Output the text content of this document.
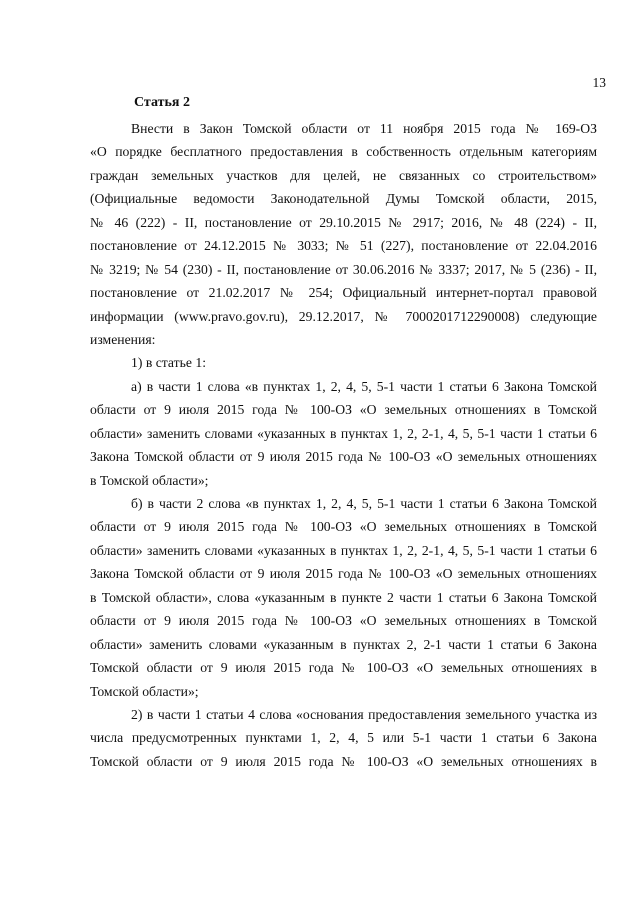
13
Статья 2
Внести в Закон Томской области от 11 ноября 2015 года № 169-ОЗ
«О порядке бесплатного предоставления в собственность отдельным категориям
граждан земельных участков для целей, не связанных со строительством»
(Официальные ведомости Законодательной Думы Томской области, 2015,
№ 46 (222) - II, постановление от 29.10.2015 № 2917; 2016, № 48 (224) - II,
постановление от 24.12.2015 № 3033; № 51 (227), постановление от 22.04.2016
№ 3219; № 54 (230) - II, постановление от 30.06.2016 № 3337; 2017, № 5 (236) - II,
постановление от 21.02.2017 № 254; Официальный интернет-портал правовой
информации (www.pravo.gov.ru), 29.12.2017, № 7000201712290008) следующие
изменения:
1) в статье 1:
а) в части 1 слова «в пунктах 1, 2, 4, 5, 5-1 части 1 статьи 6 Закона Томской
области от 9 июля 2015 года № 100-ОЗ «О земельных отношениях в Томской
области» заменить словами «указанных в пунктах 1, 2, 2-1, 4, 5, 5-1 части 1 статьи 6
Закона Томской области от 9 июля 2015 года № 100-ОЗ «О земельных отношениях
в Томской области»;
б) в части 2 слова «в пунктах 1, 2, 4, 5, 5-1 части 1 статьи 6 Закона Томской
области от 9 июля 2015 года № 100-ОЗ «О земельных отношениях в Томской
области» заменить словами «указанных в пунктах 1, 2, 2-1, 4, 5, 5-1 части 1 статьи 6
Закона Томской области от 9 июля 2015 года № 100-ОЗ «О земельных отношениях
в Томской области», слова «указанным в пункте 2 части 1 статьи 6 Закона Томской
области от 9 июля 2015 года № 100-ОЗ «О земельных отношениях в Томской
области» заменить словами «указанным в пунктах 2, 2-1 части 1 статьи 6 Закона
Томской области от 9 июля 2015 года № 100-ОЗ «О земельных отношениях в
Томской области»;
2) в части 1 статьи 4 слова «основания предоставления земельного участка из
числа предусмотренных пунктами 1, 2, 4, 5 или 5-1 части 1 статьи 6 Закона
Томской области от 9 июля 2015 года № 100-ОЗ «О земельных отношениях в
